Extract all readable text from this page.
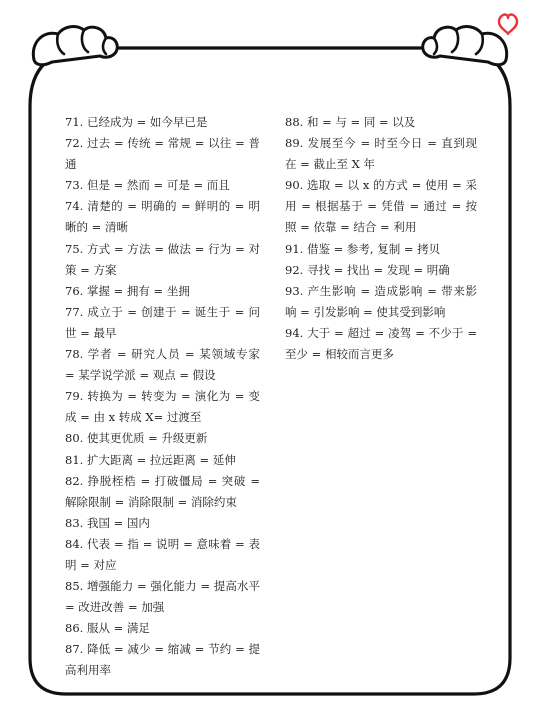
71. 已经成为 = 如今早已是

72. 过去 = 传统 = 常规 = 以往 = 普通

73. 但是 = 然而 = 可是 = 而且

74. 清楚的 = 明确的 = 鲜明的 = 明晰的 = 清晰

75. 方式 = 方法 = 做法 = 行为 = 对策 = 方案

76. 掌握 = 拥有 = 坐拥

77. 成立于 = 创建于 = 诞生于 = 问世 = 最早

78. 学者 = 研究人员 = 某领域专家 = 某学说学派 = 观点 = 假设

79. 转换为 = 转变为 = 演化为 = 变成 = 由 x 转成 X= 过渡至

80. 使其更优质 = 升级更新

81. 扩大距离 = 拉远距离 = 延伸

82. 挣脱桎梏 = 打破僵局 = 突破 = 解除限制 = 消除限制 = 消除约束

83. 我国 = 国内

84. 代表 = 指 = 说明 = 意味着 = 表明 = 对应

85. 增强能力 = 强化能力 = 提高水平 = 改进改善 = 加强

86. 服从 = 满足

87. 降低 = 减少 = 缩减 = 节约 = 提高利用率

88. 和 = 与 = 同 = 以及

89. 发展至今 = 时至今日 = 直到现在 = 截止至 X 年

90. 选取 = 以 x 的方式 = 使用 = 采用 = 根据基于 = 凭借 = 通过 = 按照 = 依靠 = 结合 = 利用

91. 借鉴 = 参考, 复制 = 拷贝

92. 寻找 = 找出 = 发现 = 明确

93. 产生影响 = 造成影响 = 带来影响 = 引发影响 = 使其受到影响

94. 大于 = 超过 = 凌驾 = 不少于 = 至少 = 相较而言更多
